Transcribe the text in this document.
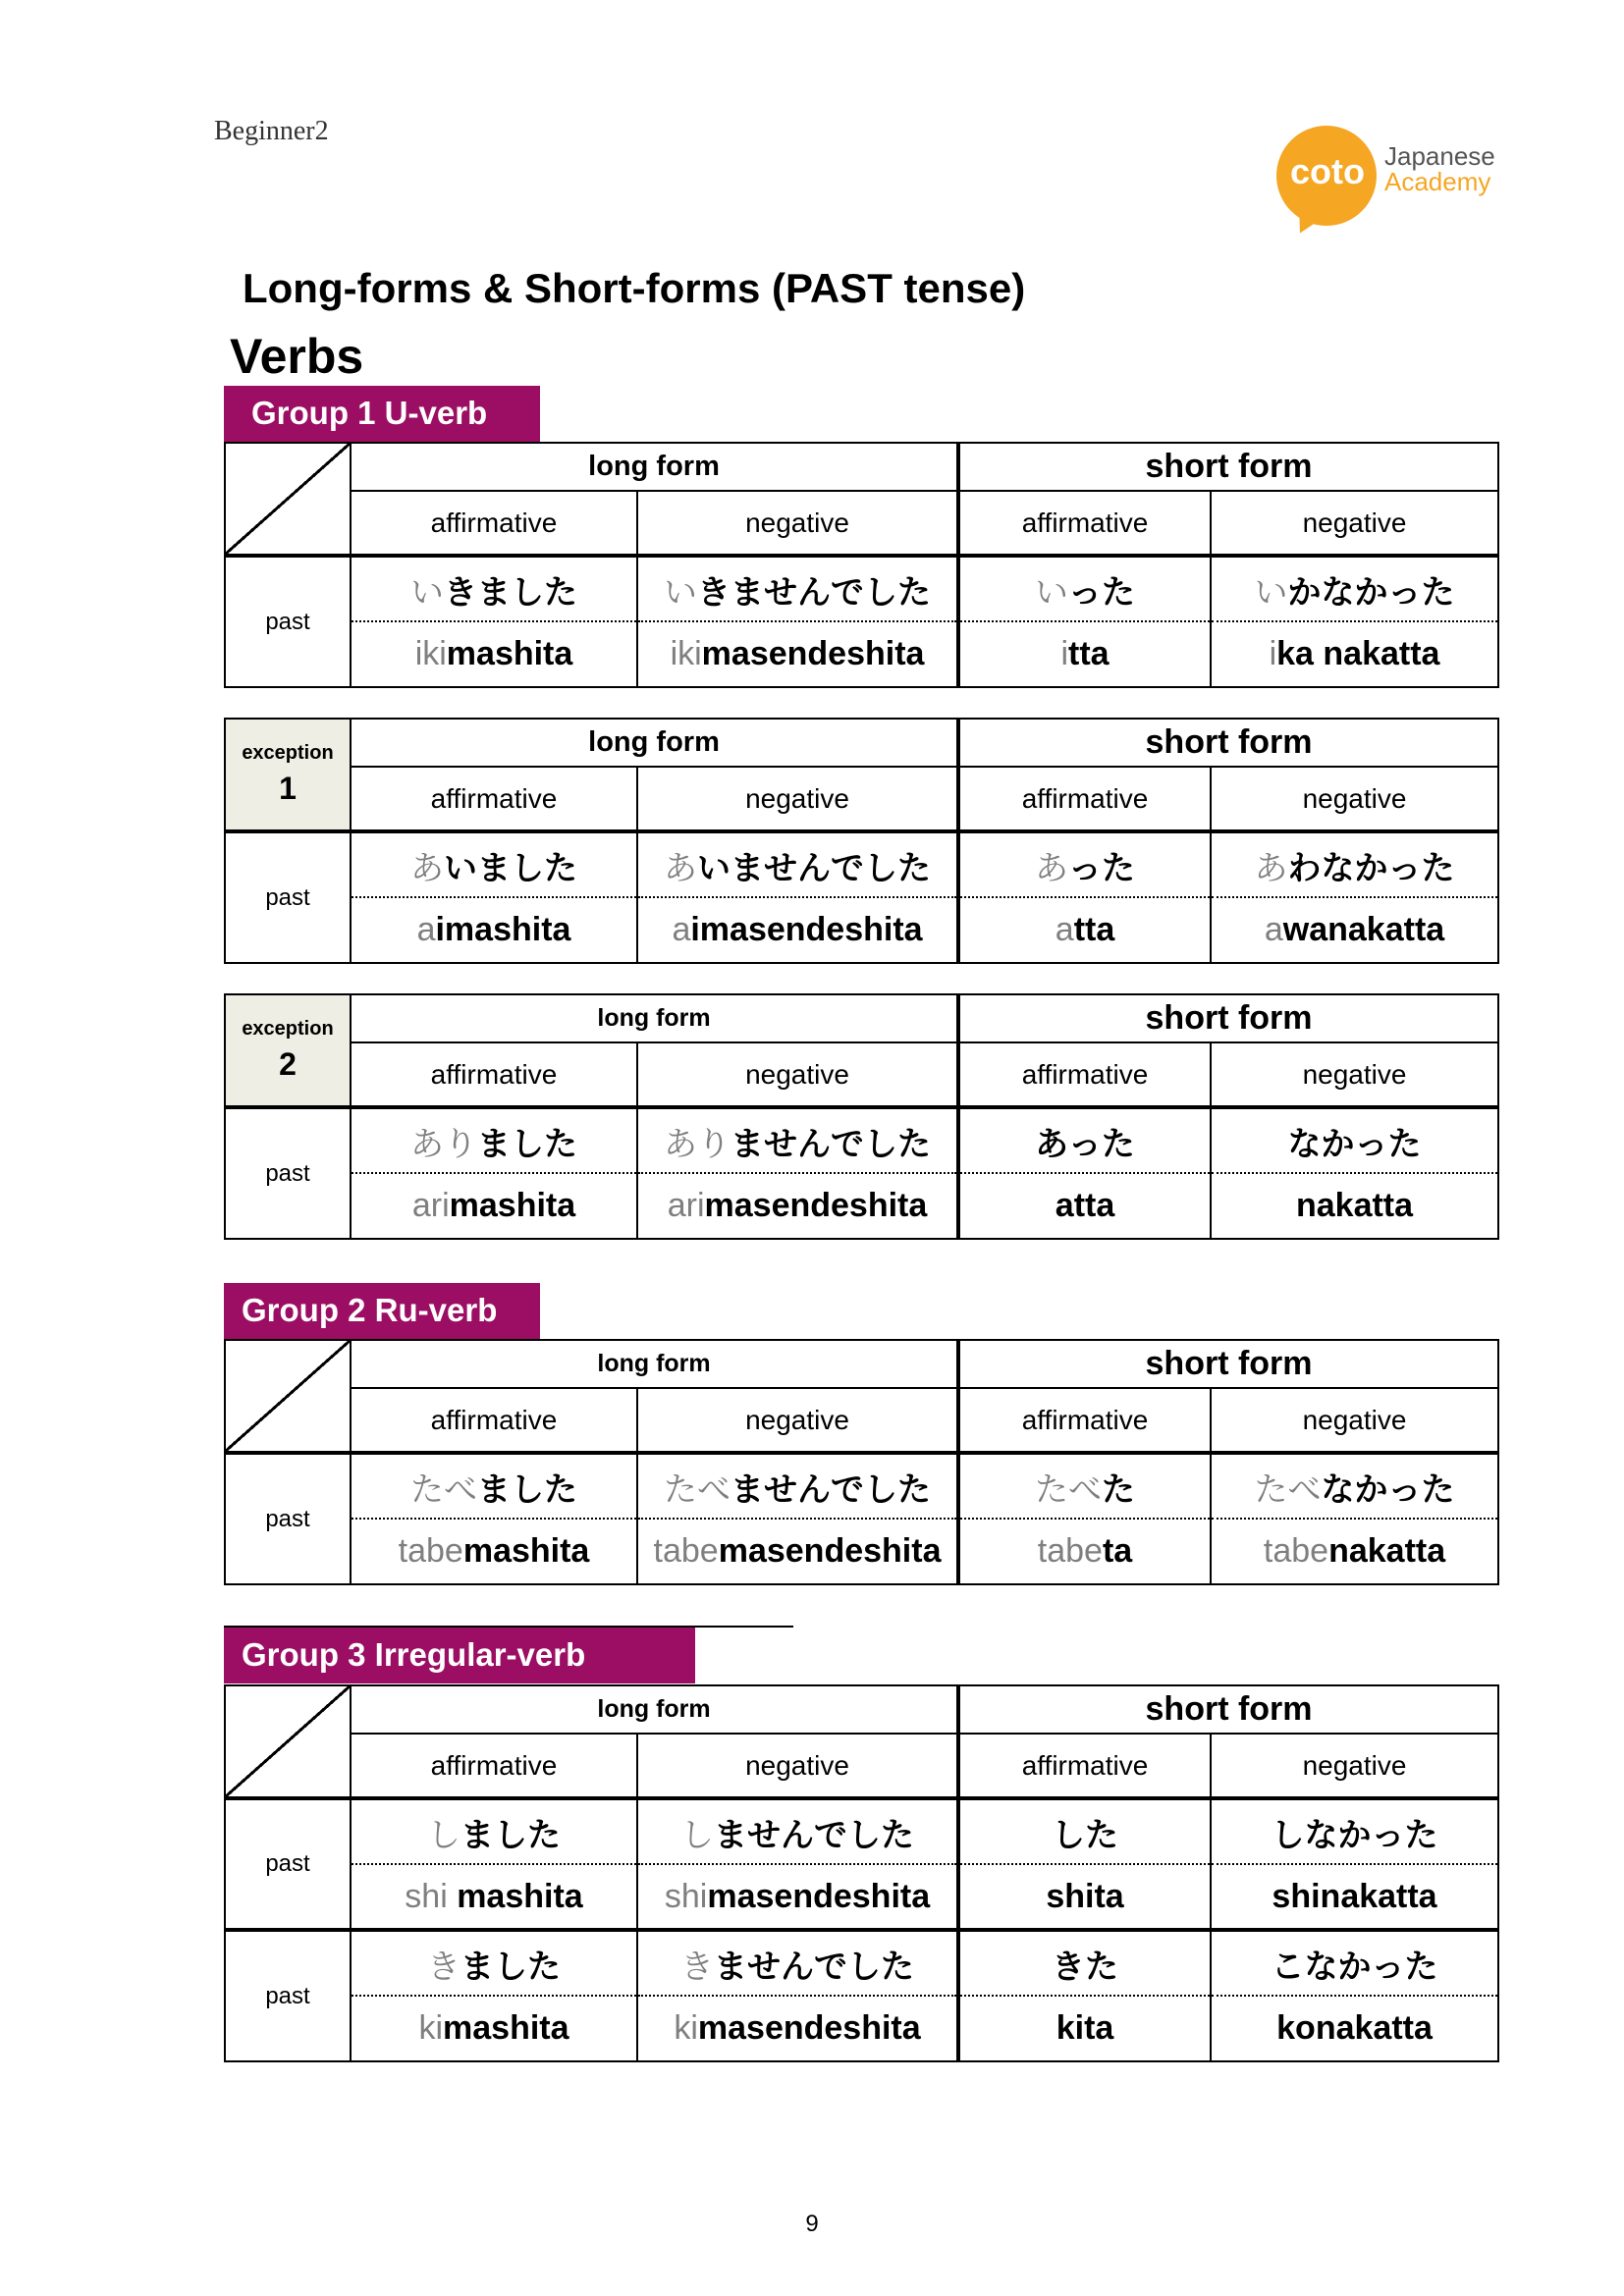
Beginner2
coto Japanese
Academy
Long-forms & Short-forms (PAST tense)
Verbs
Group 1 U-verb
	long form		short form	
	affirmative	negative	affirmative	negative
past	いきました	いきませんでした	いった	いかなかった
	ikimashita	ikimasendeshita	itta	ika nakatta
exception
1	long form		short form	
	affirmative	negative	affirmative	negative
past	あいました	あいませんでした	あった	あわなかった
	aimashita	aimasendeshita	atta	awanakatta
exception
2	long form		short form	
	affirmative	negative	affirmative	negative
past	ありました	ありませんでした	あった	なかった
	arimashita	arimasendeshita	atta	nakatta
Group 2 Ru-verb
	long form		short form	
	affirmative	negative	affirmative	negative
past	たべました	たべませんでした	たべた	たべなかった
	tabemashita	tabemasendeshita	tabeta	tabenakatta
Group 3 Irregular-verb
	long form		short form	
	affirmative	negative	affirmative	negative
past	しました	しませんでした	した	しなかった
	shi mashita	shimasendeshita	shita	shinakatta
past	きました	きませんでした	きた	こなかった
	kimashita	kimasendeshita	kita	konakatta
9
